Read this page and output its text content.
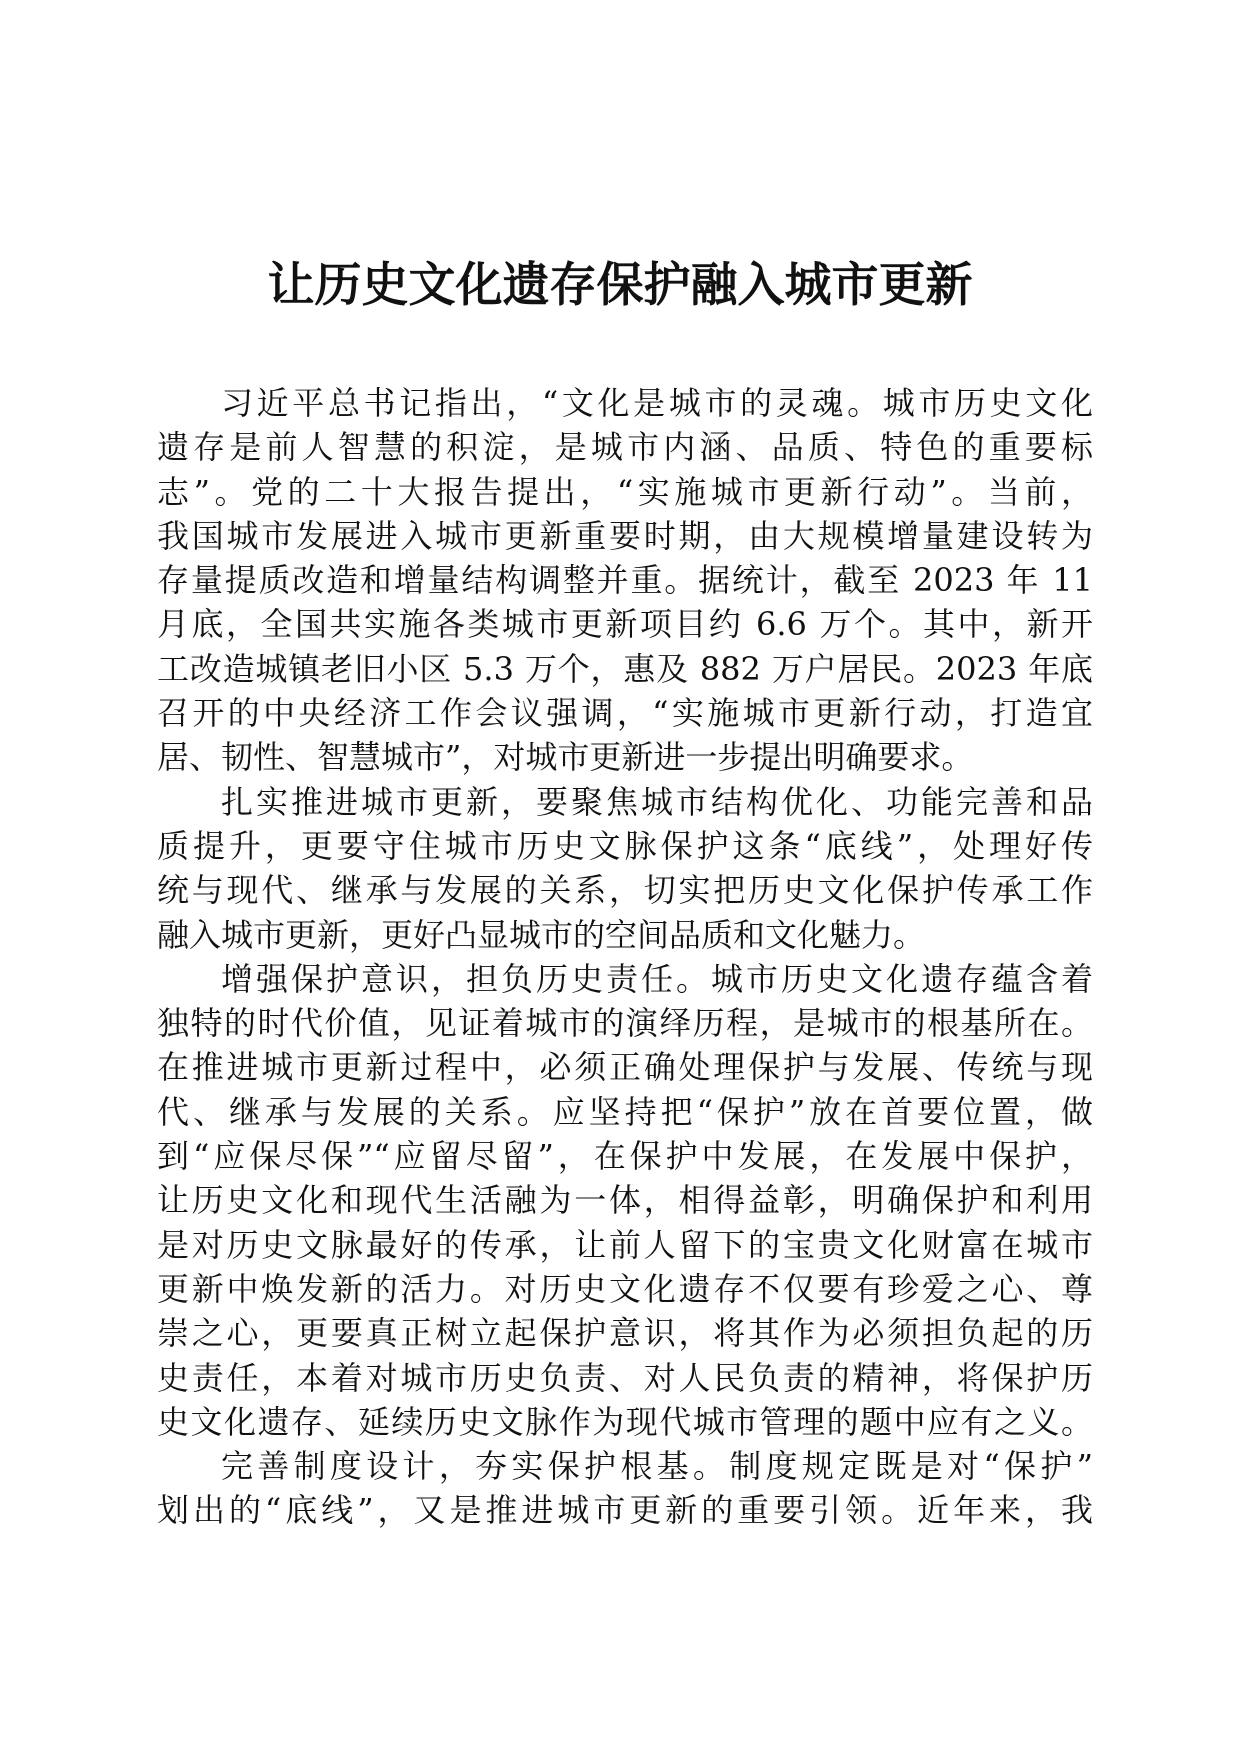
让历史文化遗存保护融入城市更新
习近平总书记指出，“文化是城市的灵魂。城市历史文化
遗存是前人智慧的积淀，是城市内涵、品质、特色的重要标
志”。党的二十大报告提出，“实施城市更新行动”。当前，
我国城市发展进入城市更新重要时期，由大规模增量建设转为
存量提质改造和增量结构调整并重。据统计，截至 2023 年 11
月底，全国共实施各类城市更新项目约 6.6 万个。其中，新开
工改造城镇老旧小区 5.3 万个，惠及 882 万户居民。2023 年底
召开的中央经济工作会议强调，“实施城市更新行动，打造宜
居、韧性、智慧城市”，对城市更新进一步提出明确要求。
扎实推进城市更新，要聚焦城市结构优化、功能完善和品
质提升，更要守住城市历史文脉保护这条“底线”，处理好传
统与现代、继承与发展的关系，切实把历史文化保护传承工作
融入城市更新，更好凸显城市的空间品质和文化魅力。
增强保护意识，担负历史责任。城市历史文化遗存蕴含着
独特的时代价值，见证着城市的演绎历程，是城市的根基所在。
在推进城市更新过程中，必须正确处理保护与发展、传统与现
代、继承与发展的关系。应坚持把“保护”放在首要位置，做
到“应保尽保”“应留尽留”，在保护中发展，在发展中保护，
让历史文化和现代生活融为一体，相得益彰，明确保护和利用
是对历史文脉最好的传承，让前人留下的宝贵文化财富在城市
更新中焕发新的活力。对历史文化遗存不仅要有珍爱之心、尊
崇之心，更要真正树立起保护意识，将其作为必须担负起的历
史责任，本着对城市历史负责、对人民负责的精神，将保护历
史文化遗存、延续历史文脉作为现代城市管理的题中应有之义。
完善制度设计，夯实保护根基。制度规定既是对“保护”
划出的“底线”，又是推进城市更新的重要引领。近年来，我
